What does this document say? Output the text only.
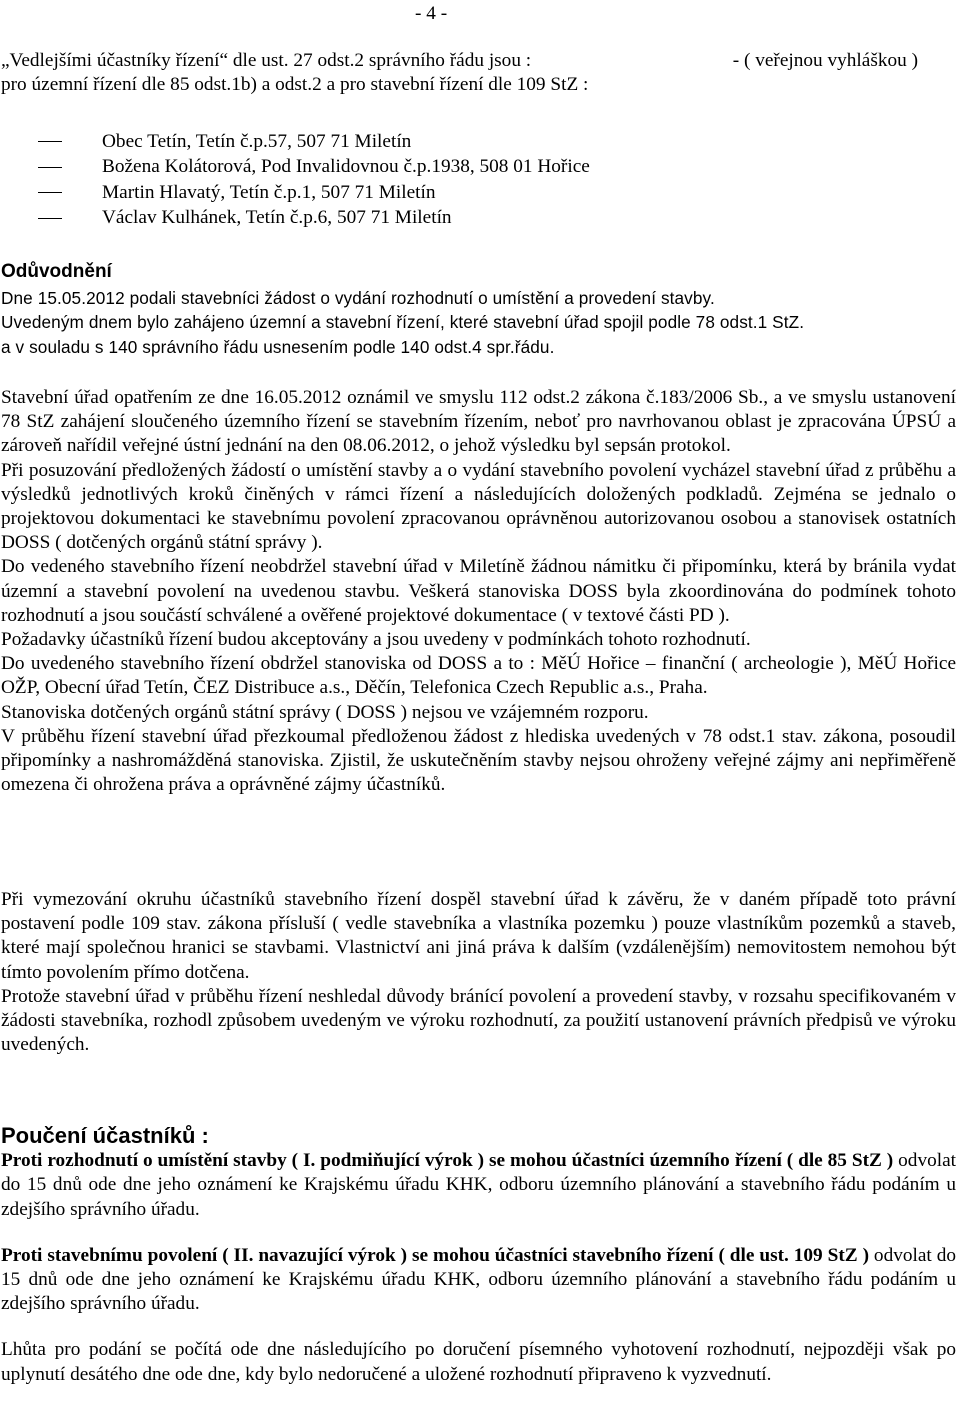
- 4 -
„Vedlejšími účastníky řízení“ dle ust. 27 odst.2 správního řádu jsou :	- ( veřejnou vyhláškou )
pro územní řízení dle 85 odst.1b) a odst.2 a pro stavební řízení dle 109 StZ :
Obec Tetín, Tetín č.p.57, 507 71 Miletín
Božena Kolátorová, Pod Invalidovnou č.p.1938, 508 01 Hořice
Martin Hlavatý, Tetín č.p.1, 507 71 Miletín
Václav Kulhánek, Tetín č.p.6, 507 71 Miletín
Odůvodnění
Dne 15.05.2012 podali stavebníci žádost o vydání rozhodnutí o umístění a provedení stavby.
Uvedeným dnem bylo zahájeno územní a stavební řízení, které stavební úřad spojil podle 78 odst.1 StZ.
a v souladu s 140 správního řádu usnesením podle 140 odst.4 spr.řádu.

Stavební úřad opatřením ze dne 16.05.2012 oznámil ve smyslu 112 odst.2 zákona č.183/2006 Sb., a ve smyslu ustanovení 78 StZ zahájení sloučeného územního řízení se stavebním řízením, neboť pro navrhovanou oblast je zpracována ÚPSÚ a zároveň nařídil veřejné ústní jednání na den 08.06.2012, o jehož výsledku byl sepsán protokol.

Při posuzování předložených žádostí o umístění stavby a o vydání stavebního povolení vycházel stavební úřad z průběhu a výsledků jednotlivých kroků činěných v rámci řízení a následujících doložených podkladů. Zejména se jednalo o projektovou dokumentaci ke stavebnímu povolení zpracovanou oprávněnou autorizovanou osobou a stanovisek ostatních DOSS ( dotčených orgánů státní správy ).

Do vedeného stavebního řízení neobdržel stavební úřad v Miletíně žádnou námitku či připomínku, která by bránila vydat územní a stavební povolení na uvedenou stavbu. Veškerá stanoviska DOSS byla zkoordinována do podmínek tohoto rozhodnutí a jsou součástí schválené a ověřené projektové dokumentace ( v textové části PD ).

Požadavky účastníků řízení budou akceptovány a jsou uvedeny v podmínkách tohoto rozhodnutí.

Do uvedeného stavebního řízení obdržel stanoviska od DOSS a to : MěÚ Hořice – finanční ( archeologie ), MěÚ Hořice OŽP, Obecní úřad Tetín, ČEZ Distribuce a.s., Děčín, Telefonica Czech Republic a.s., Praha.

Stanoviska dotčených orgánů státní správy ( DOSS ) nejsou ve vzájemném rozporu.

V průběhu řízení stavební úřad přezkoumal předloženou žádost z hlediska uvedených v 78 odst.1 stav. zákona, posoudil připomínky a nashromážděná stanoviska. Zjistil, že uskutečněním stavby nejsou ohroženy veřejné zájmy ani nepřiměřeně omezena či ohrožena práva a oprávněné zájmy účastníků.

Při vymezování okruhu účastníků stavebního řízení dospěl stavební úřad k závěru, že v daném případě toto právní postavení podle 109 stav. zákona přísluší ( vedle stavebníka a vlastníka pozemku ) pouze vlastníkům pozemků a staveb, které mají společnou hranici se stavbami. Vlastnictví ani jiná práva k dalším (vzdálenějším) nemovitostem nemohou být tímto povolením přímo dotčena.

Protože stavební úřad v průběhu řízení neshledal důvody bránící povolení a provedení stavby, v rozsahu specifikovaném v žádosti stavebníka, rozhodl způsobem uvedeným ve výroku rozhodnutí, za použití ustanovení právních předpisů ve výroku uvedených.

Poučení účastníků :

Proti rozhodnutí o umístění stavby ( I. podmiňující výrok ) se mohou účastníci územního řízení ( dle 85 StZ ) odvolat do 15 dnů ode dne jeho oznámení ke Krajskému úřadu KHK, odboru územního plánování a stavebního řádu podáním u zdejšího správního úřadu.

Proti stavebnímu povolení ( II. navazující výrok ) se mohou účastníci stavebního řízení ( dle ust. 109 StZ ) odvolat do 15 dnů ode dne jeho oznámení ke Krajskému úřadu KHK, odboru územního plánování a stavebního řádu podáním u zdejšího správního úřadu.

Lhůta pro podání se počítá ode dne následujícího po doručení písemného vyhotovení rozhodnutí, nejpozději však po uplynutí desátého dne ode dne, kdy bylo nedoručené a uložené rozhodnutí připraveno k vyzvednutí.
